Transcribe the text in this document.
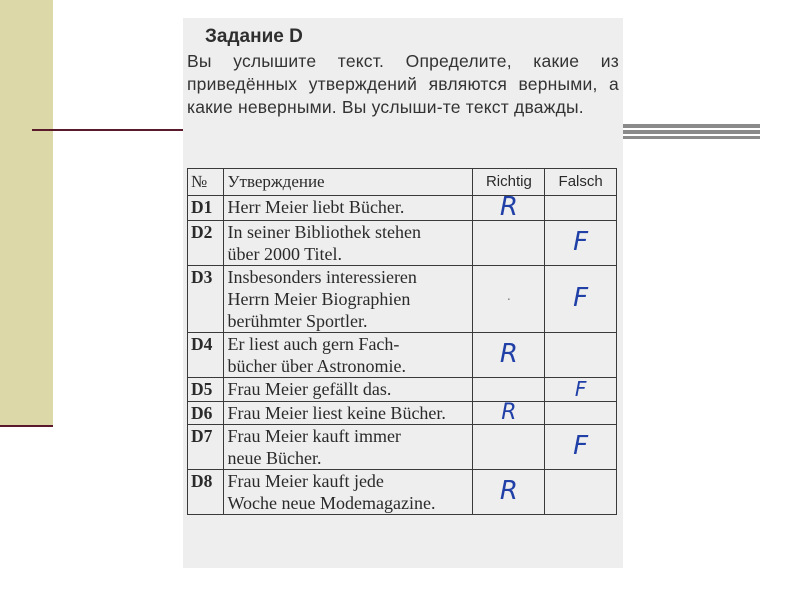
Задание D
Вы услышите текст. Определите, какие из приведённых утверждений являются верными, а какие неверными. Вы услыши-те текст дважды.
№	Утверждение	Richtig	Falsch
D1	Herr Meier liebt Bücher.	R	
D2	In seiner Bibliothek stehen
über 2000 Titel.		F
D3	Insbesonders interessieren
Herrn Meier Biographien
berühmter Sportler.	·	F
D4	Er liest auch gern Fach-
bücher über Astronomie.	R	
D5	Frau Meier gefällt das.		F
D6	Frau Meier liest keine Bücher.	R	
D7	Frau Meier kauft immer
neue Bücher.		F
D8	Frau Meier kauft jede
Woche neue Modemagazine.	R	
